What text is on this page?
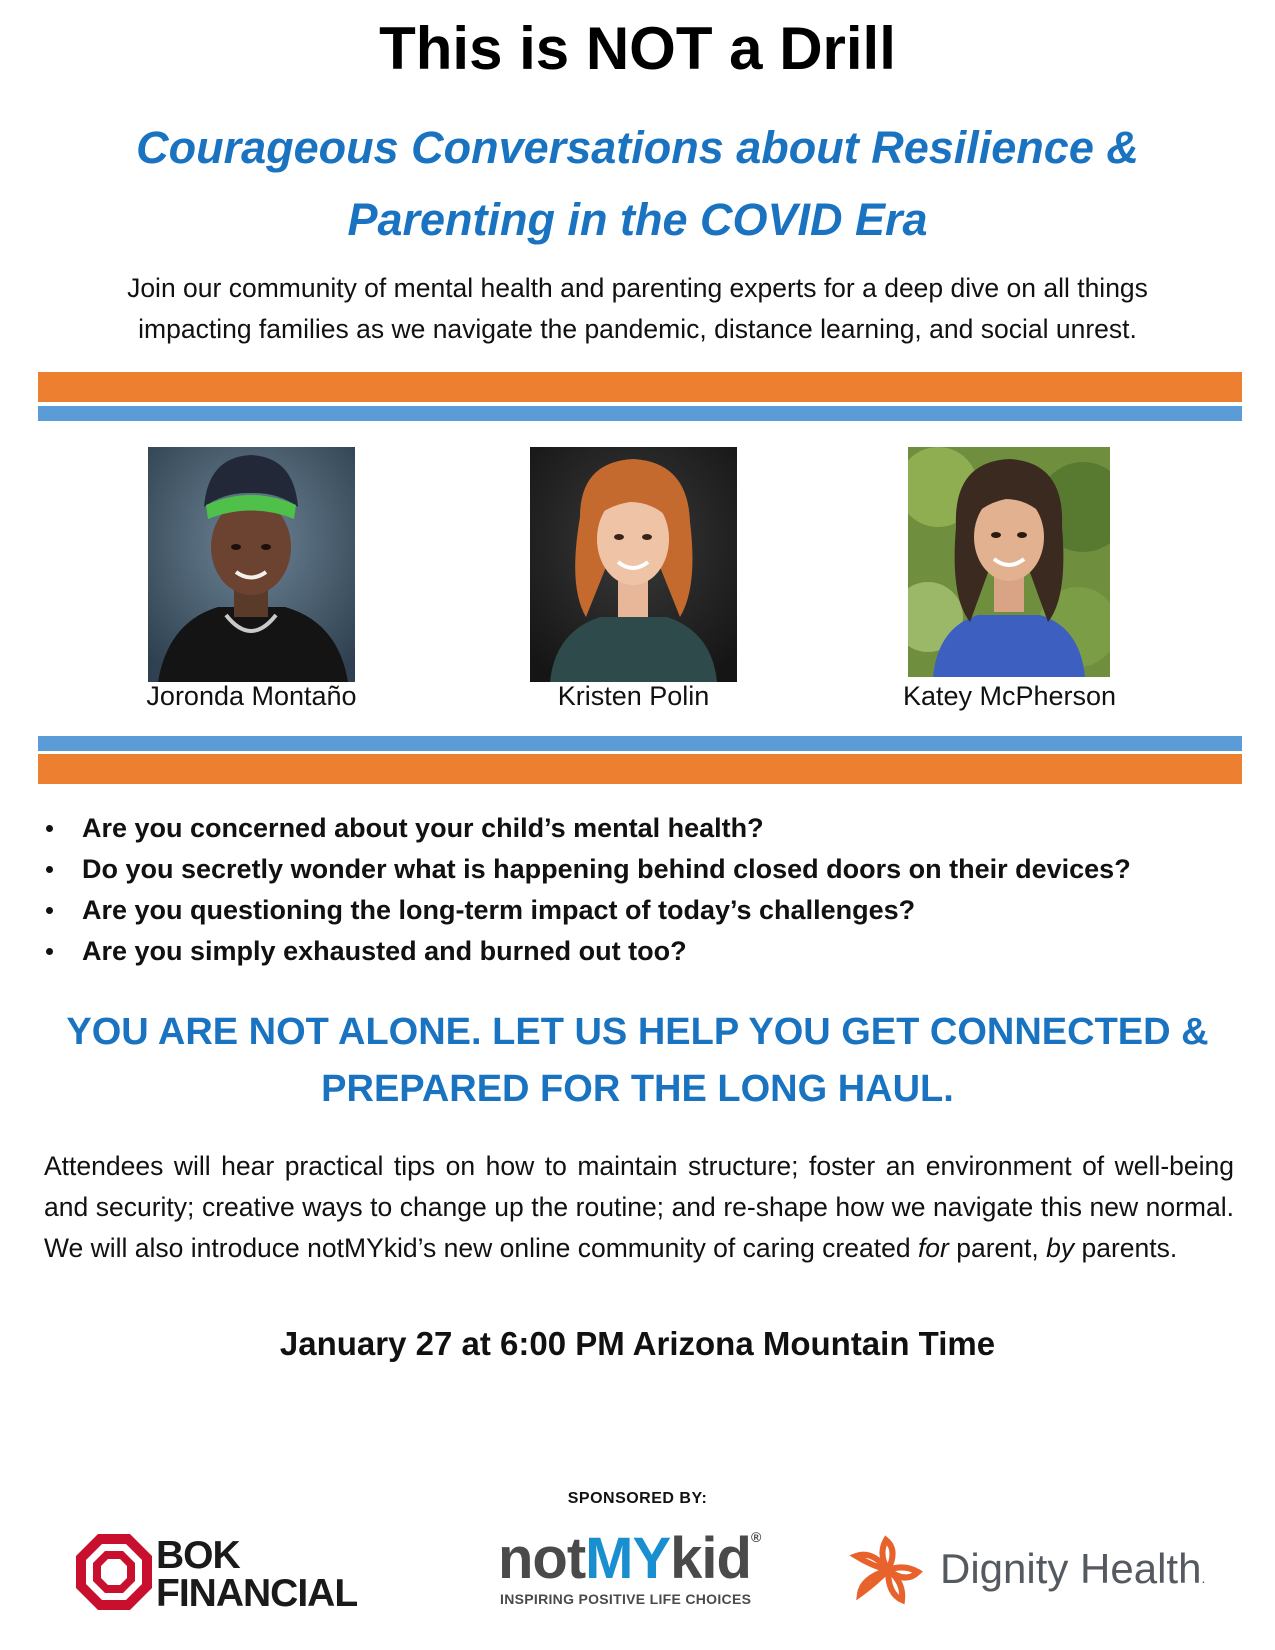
This is NOT a Drill
Courageous Conversations about Resilience &
Parenting in the COVID Era
Join our community of mental health and parenting experts for a deep dive on all things
impacting families as we navigate the pandemic, distance learning, and social unrest.
Joronda Montaño	Kristen Polin	Katey McPherson
Are you concerned about your child’s mental health?
Do you secretly wonder what is happening behind closed doors on their devices?
Are you questioning the long-term impact of today’s challenges?
Are you simply exhausted and burned out too?
YOU ARE NOT ALONE. LET US HELP YOU GET CONNECTED &
PREPARED FOR THE LONG HAUL.
Attendees will hear practical tips on how to maintain structure; foster an environment of well-being and security; creative ways to change up the routine; and re-shape how we navigate this new normal. We will also introduce notMYkid’s new online community of caring created for parent, by parents.
January 27 at 6:00 PM Arizona Mountain Time
SPONSORED BY:
BOK
FINANCIAL
notMYkid®
INSPIRING POSITIVE LIFE CHOICES
Dignity Health.
